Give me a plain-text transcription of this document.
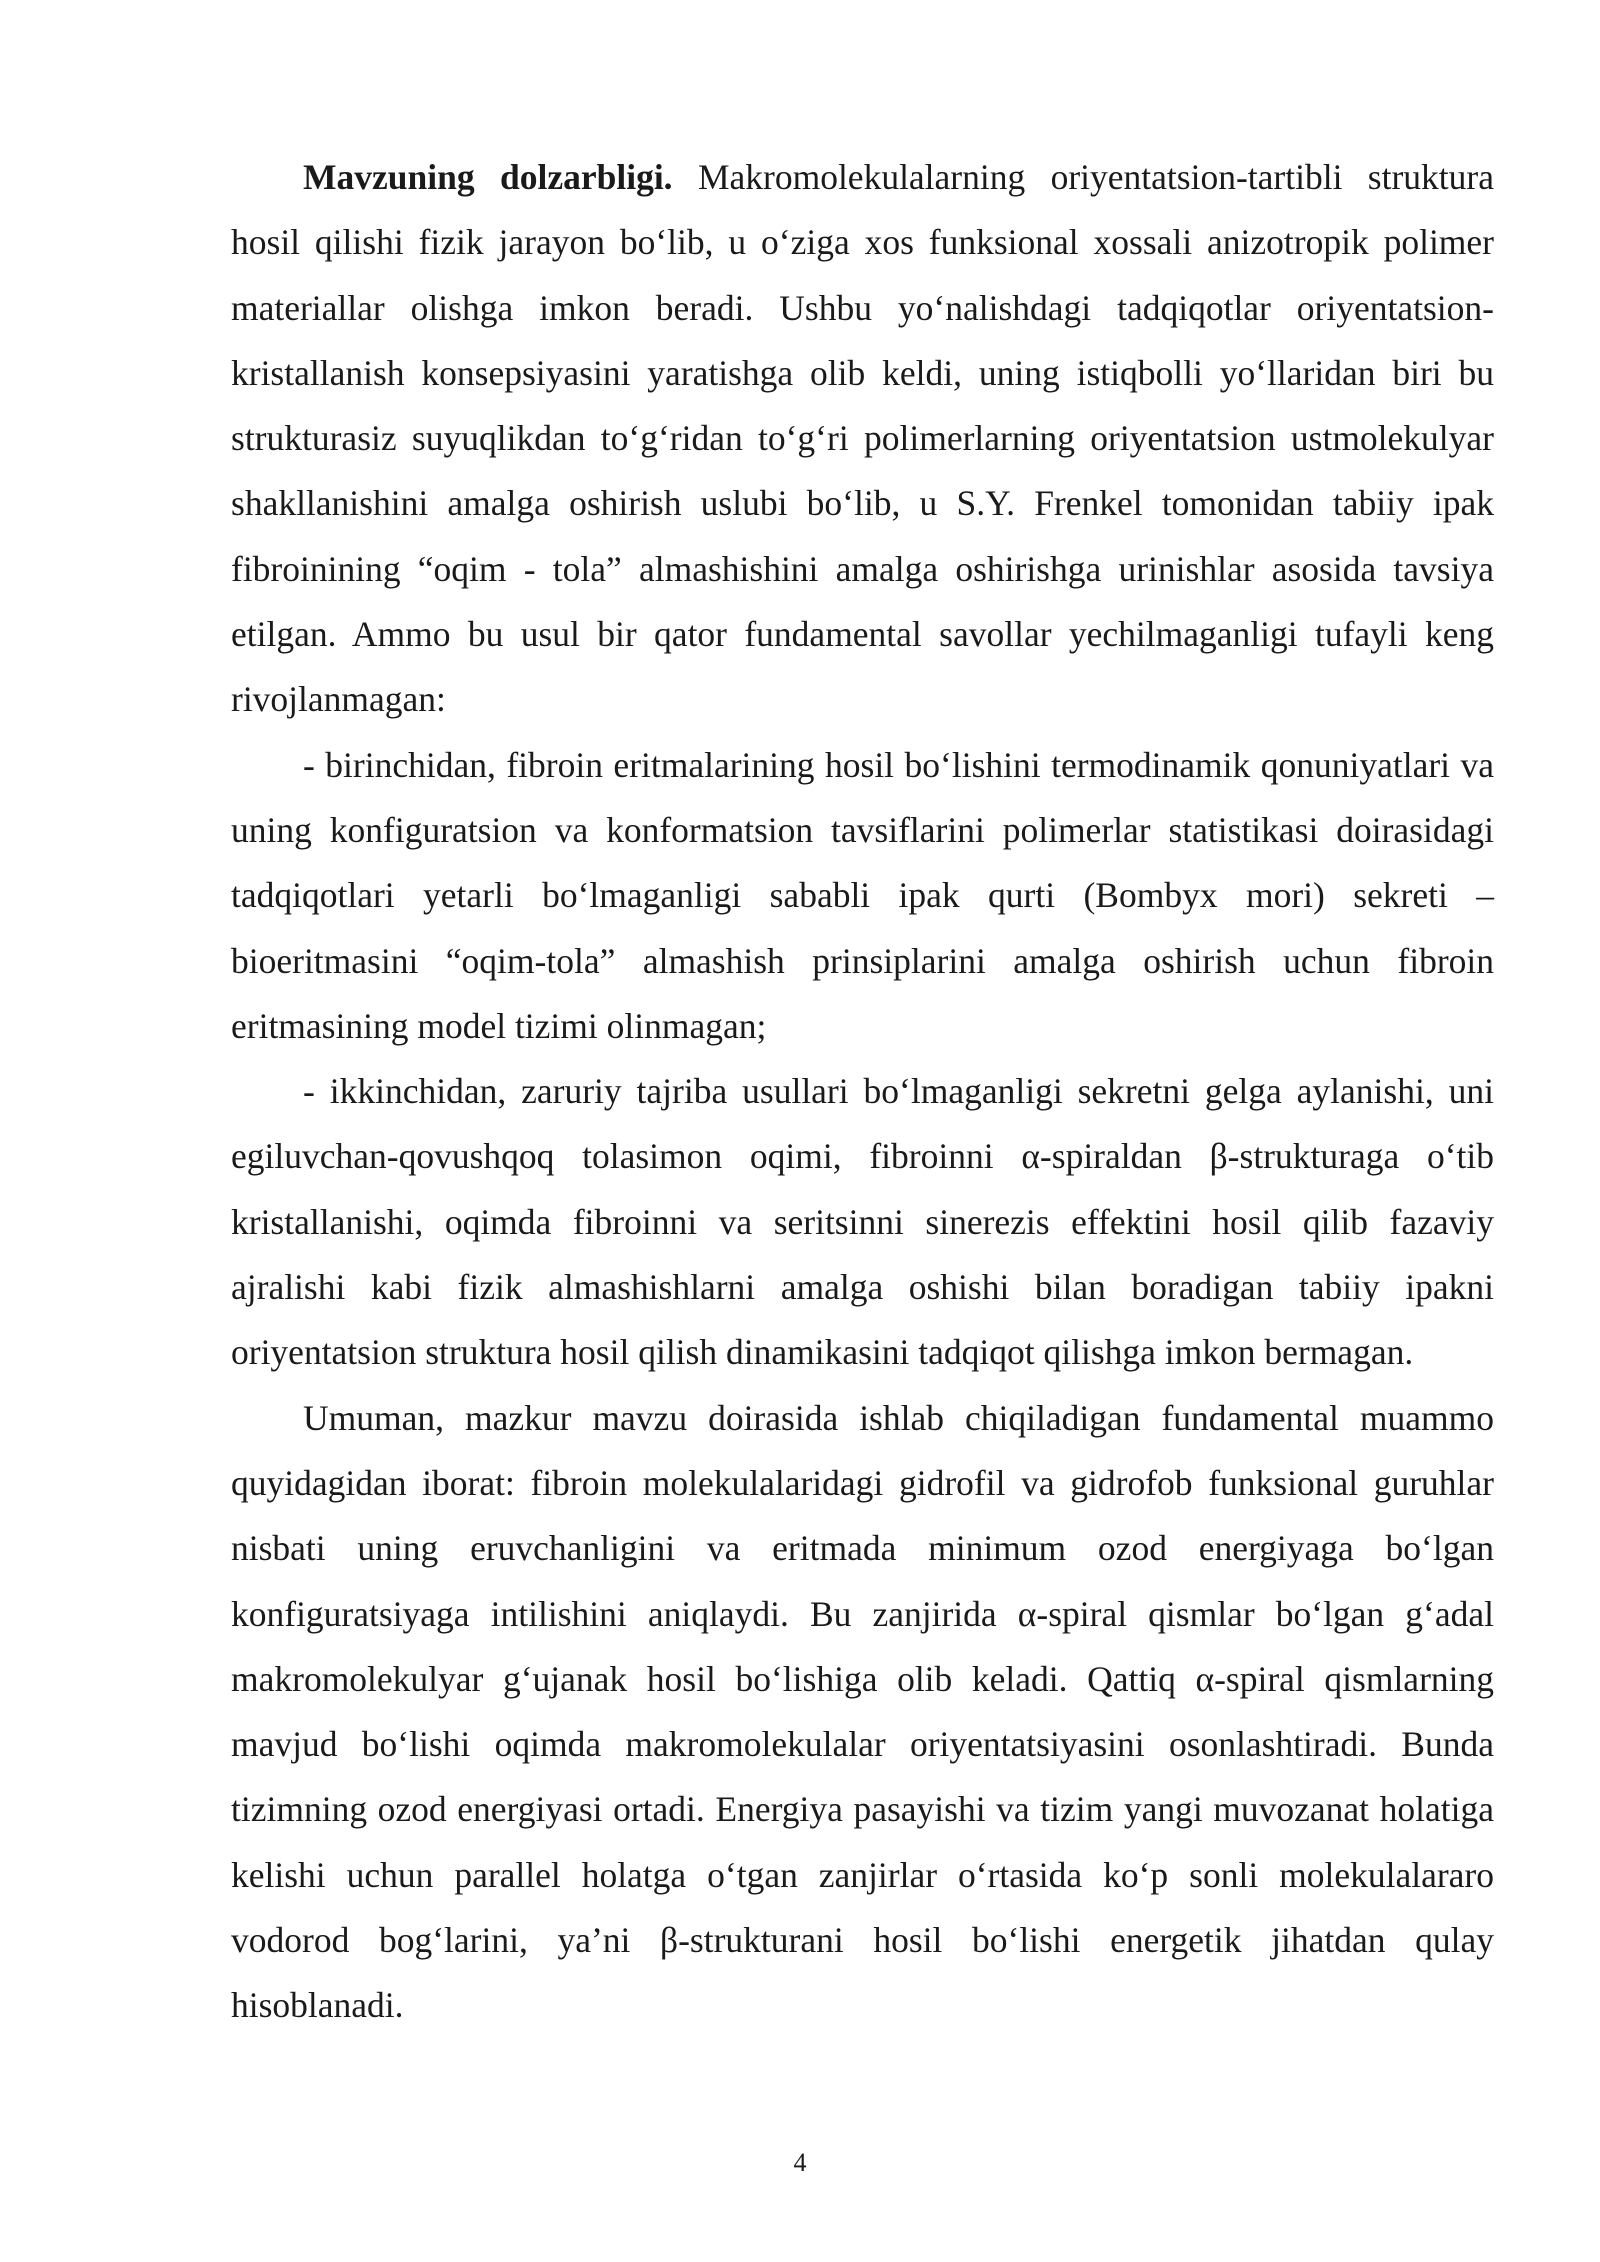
Mavzuning dolzarbligi. Makromolekulalarning oriyentatsion-tartibli struktura hosil qilishi fizik jarayon bo‘lib, u o‘ziga xos funksional xossali anizotropik polimer materiallar olishga imkon beradi. Ushbu yo‘nalishdagi tadqiqotlar oriyentatsion-kristallanish konsepsiyasini yaratishga olib keldi, uning istiqbolli yo‘llaridan biri bu strukturasiz suyuqlikdan to‘g‘ridan to‘g‘ri polimerlarning oriyentatsion ustmolekulyar shakllanishini amalga oshirish uslubi bo‘lib, u S.Y. Frenkel tomonidan tabiiy ipak fibroinining “oqim - tola” almashishini amalga oshirishga urinishlar asosida tavsiya etilgan. Ammo bu usul bir qator fundamental savollar yechilmaganligi tufayli keng rivojlanmagan:

- birinchidan, fibroin eritmalarining hosil bo‘lishini termodinamik qonuniyatlari va uning konfiguratsion va konformatsion tavsiflarini polimerlar statistikasi doirasidagi tadqiqotlari yetarli bo‘lmaganligi sababli ipak qurti (Bombyx mori) sekreti – bioeritmasini “oqim-tola” almashish prinsiplarini amalga oshirish uchun fibroin eritmasining model tizimi olinmagan;

- ikkinchidan, zaruriy tajriba usullari bo‘lmaganligi sekretni gelga aylanishi, uni egiluvchan-qovushqoq tolasimon oqimi, fibroinni α-spiraldan β-strukturaga o‘tib kristallanishi, oqimda fibroinni va seritsinni sinerezis effektini hosil qilib fazaviy ajralishi kabi fizik almashishlarni amalga oshishi bilan boradigan tabiiy ipakni oriyentatsion struktura hosil qilish dinamikasini tadqiqot qilishga imkon bermagan.

Umuman, mazkur mavzu doirasida ishlab chiqiladigan fundamental muammo quyidagidan iborat: fibroin molekulalaridagi gidrofil va gidrofob funksional guruhlar nisbati uning eruvchanligini va eritmada minimum ozod energiyaga bo‘lgan konfiguratsiyaga intilishini aniqlaydi. Bu zanjirida α-spiral qismlar bo‘lgan g‘adal makromolekulyar g‘ujanak hosil bo‘lishiga olib keladi. Qattiq α-spiral qismlarning mavjud bo‘lishi oqimda makromolekulalar oriyentatsiyasini osonlashtiradi. Bunda tizimning ozod energiyasi ortadi. Energiya pasayishi va tizim yangi muvozanat holatiga kelishi uchun parallel holatga o‘tgan zanjirlar o‘rtasida ko‘p sonli molekulalararo vodorod bog‘larini, ya’ni β-strukturani hosil bo‘lishi energetik jihatdan qulay hisoblanadi.

4
